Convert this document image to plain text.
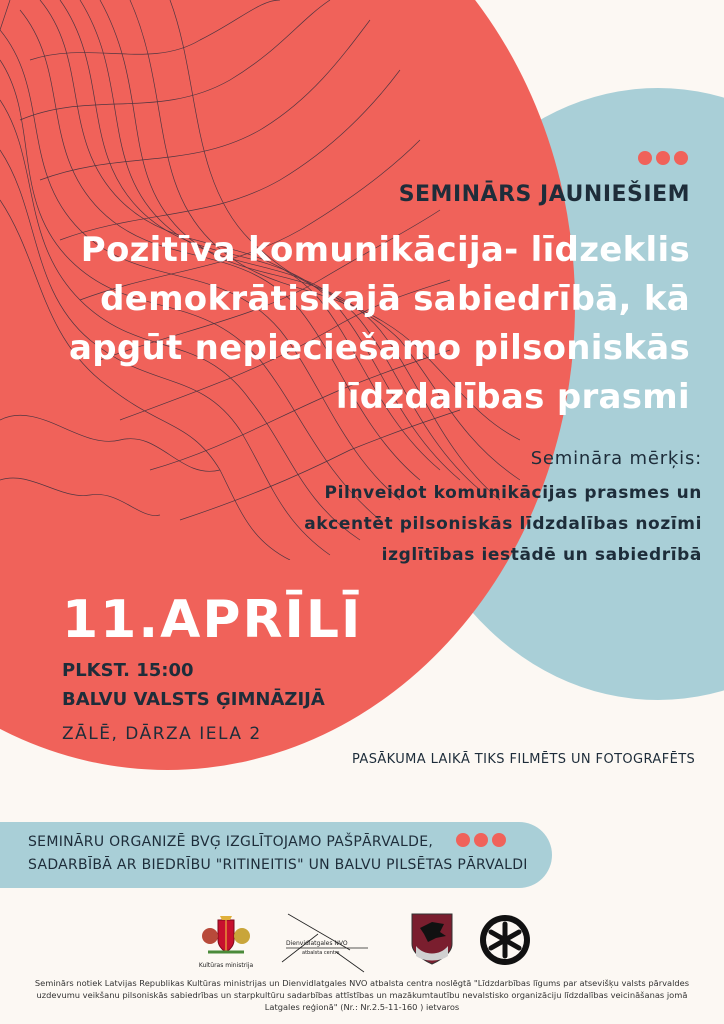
SEMINĀRS JAUNIEŠIEM
Pozitīva komunikācija- līdzeklis
demokrātiskajā sabiedrībā, kā
apgūt nepieciešamo pilsoniskās
līdzdalības prasmi
Semināra mērķis:
Pilnveidot komunikācijas prasmes un
akcentēt pilsoniskās līdzdalības nozīmi
izglītības iestādē un sabiedrībā
11.APRĪLĪ
PLKST. 15:00
BALVU VALSTS ĢIMNĀZIJĀ
ZĀLĒ, DĀRZA IELA 2
PASĀKUMA LAIKĀ TIKS FILMĒTS UN FOTOGRAFĒTS
SEMINĀRU ORGANIZĒ BVĢ IZGLĪTOJAMO PAŠPĀRVALDE,
SADARBĪBĀ AR BIEDRĪBU "RITINEITIS" UN BALVU PILSĒTAS PĀRVALDI
Kultūras ministrija
Dienvidlatgales NVO
atbalsta centrs
Seminārs notiek Latvijas Republikas Kultūras ministrijas un Dienvidlatgales NVO atbalsta centra noslēgtā "Līdzdarbības līgums par atsevišķu valsts pārvaldes
uzdevumu veikšanu pilsoniskās sabiedrības un starpkultūru sadarbības attīstības un mazākumtautību nevalstisko organizāciju līdzdalības veicināšanas jomā
Latgales reģionā" (Nr.: Nr.2.5-11-160 ) ietvaros
